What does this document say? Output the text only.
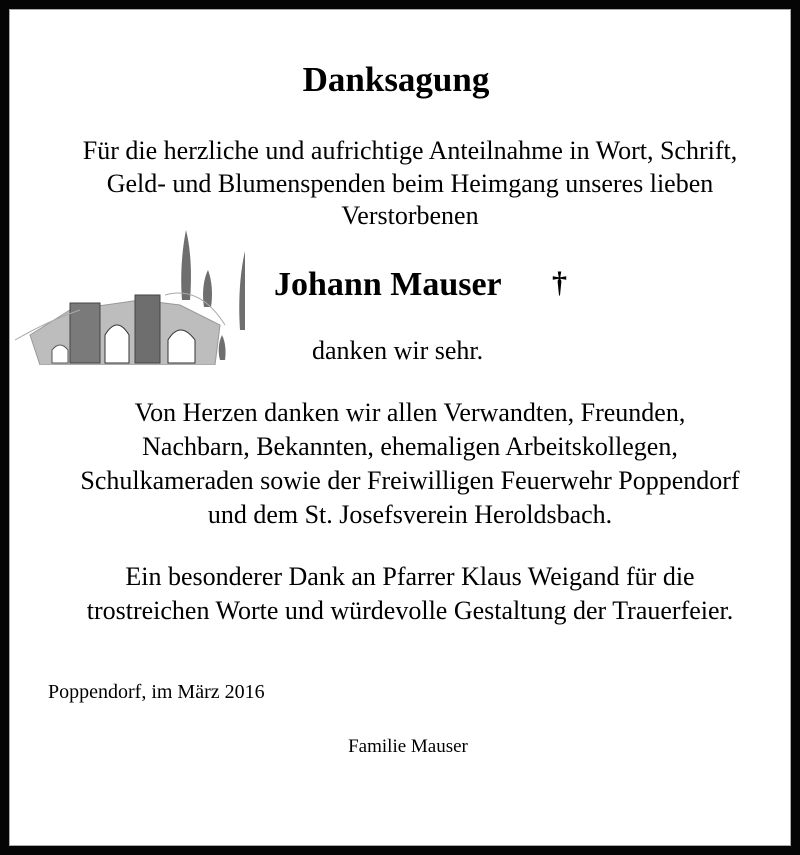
Danksagung
Für die herzliche und aufrichtige Anteilnahme in Wort, Schrift,
Geld- und Blumenspenden beim Heimgang unseres lieben
Verstorbenen
Johann Mauser †
danken wir sehr.
Von Herzen danken wir allen Verwandten, Freunden,
Nachbarn, Bekannten, ehemaligen Arbeitskollegen,
Schulkameraden sowie der Freiwilligen Feuerwehr Poppendorf
und dem St. Josefsverein Heroldsbach.
Ein besonderer Dank an Pfarrer Klaus Weigand für die
trostreichen Worte und würdevolle Gestaltung der Trauerfeier.
Poppendorf, im März 2016
Familie Mauser
